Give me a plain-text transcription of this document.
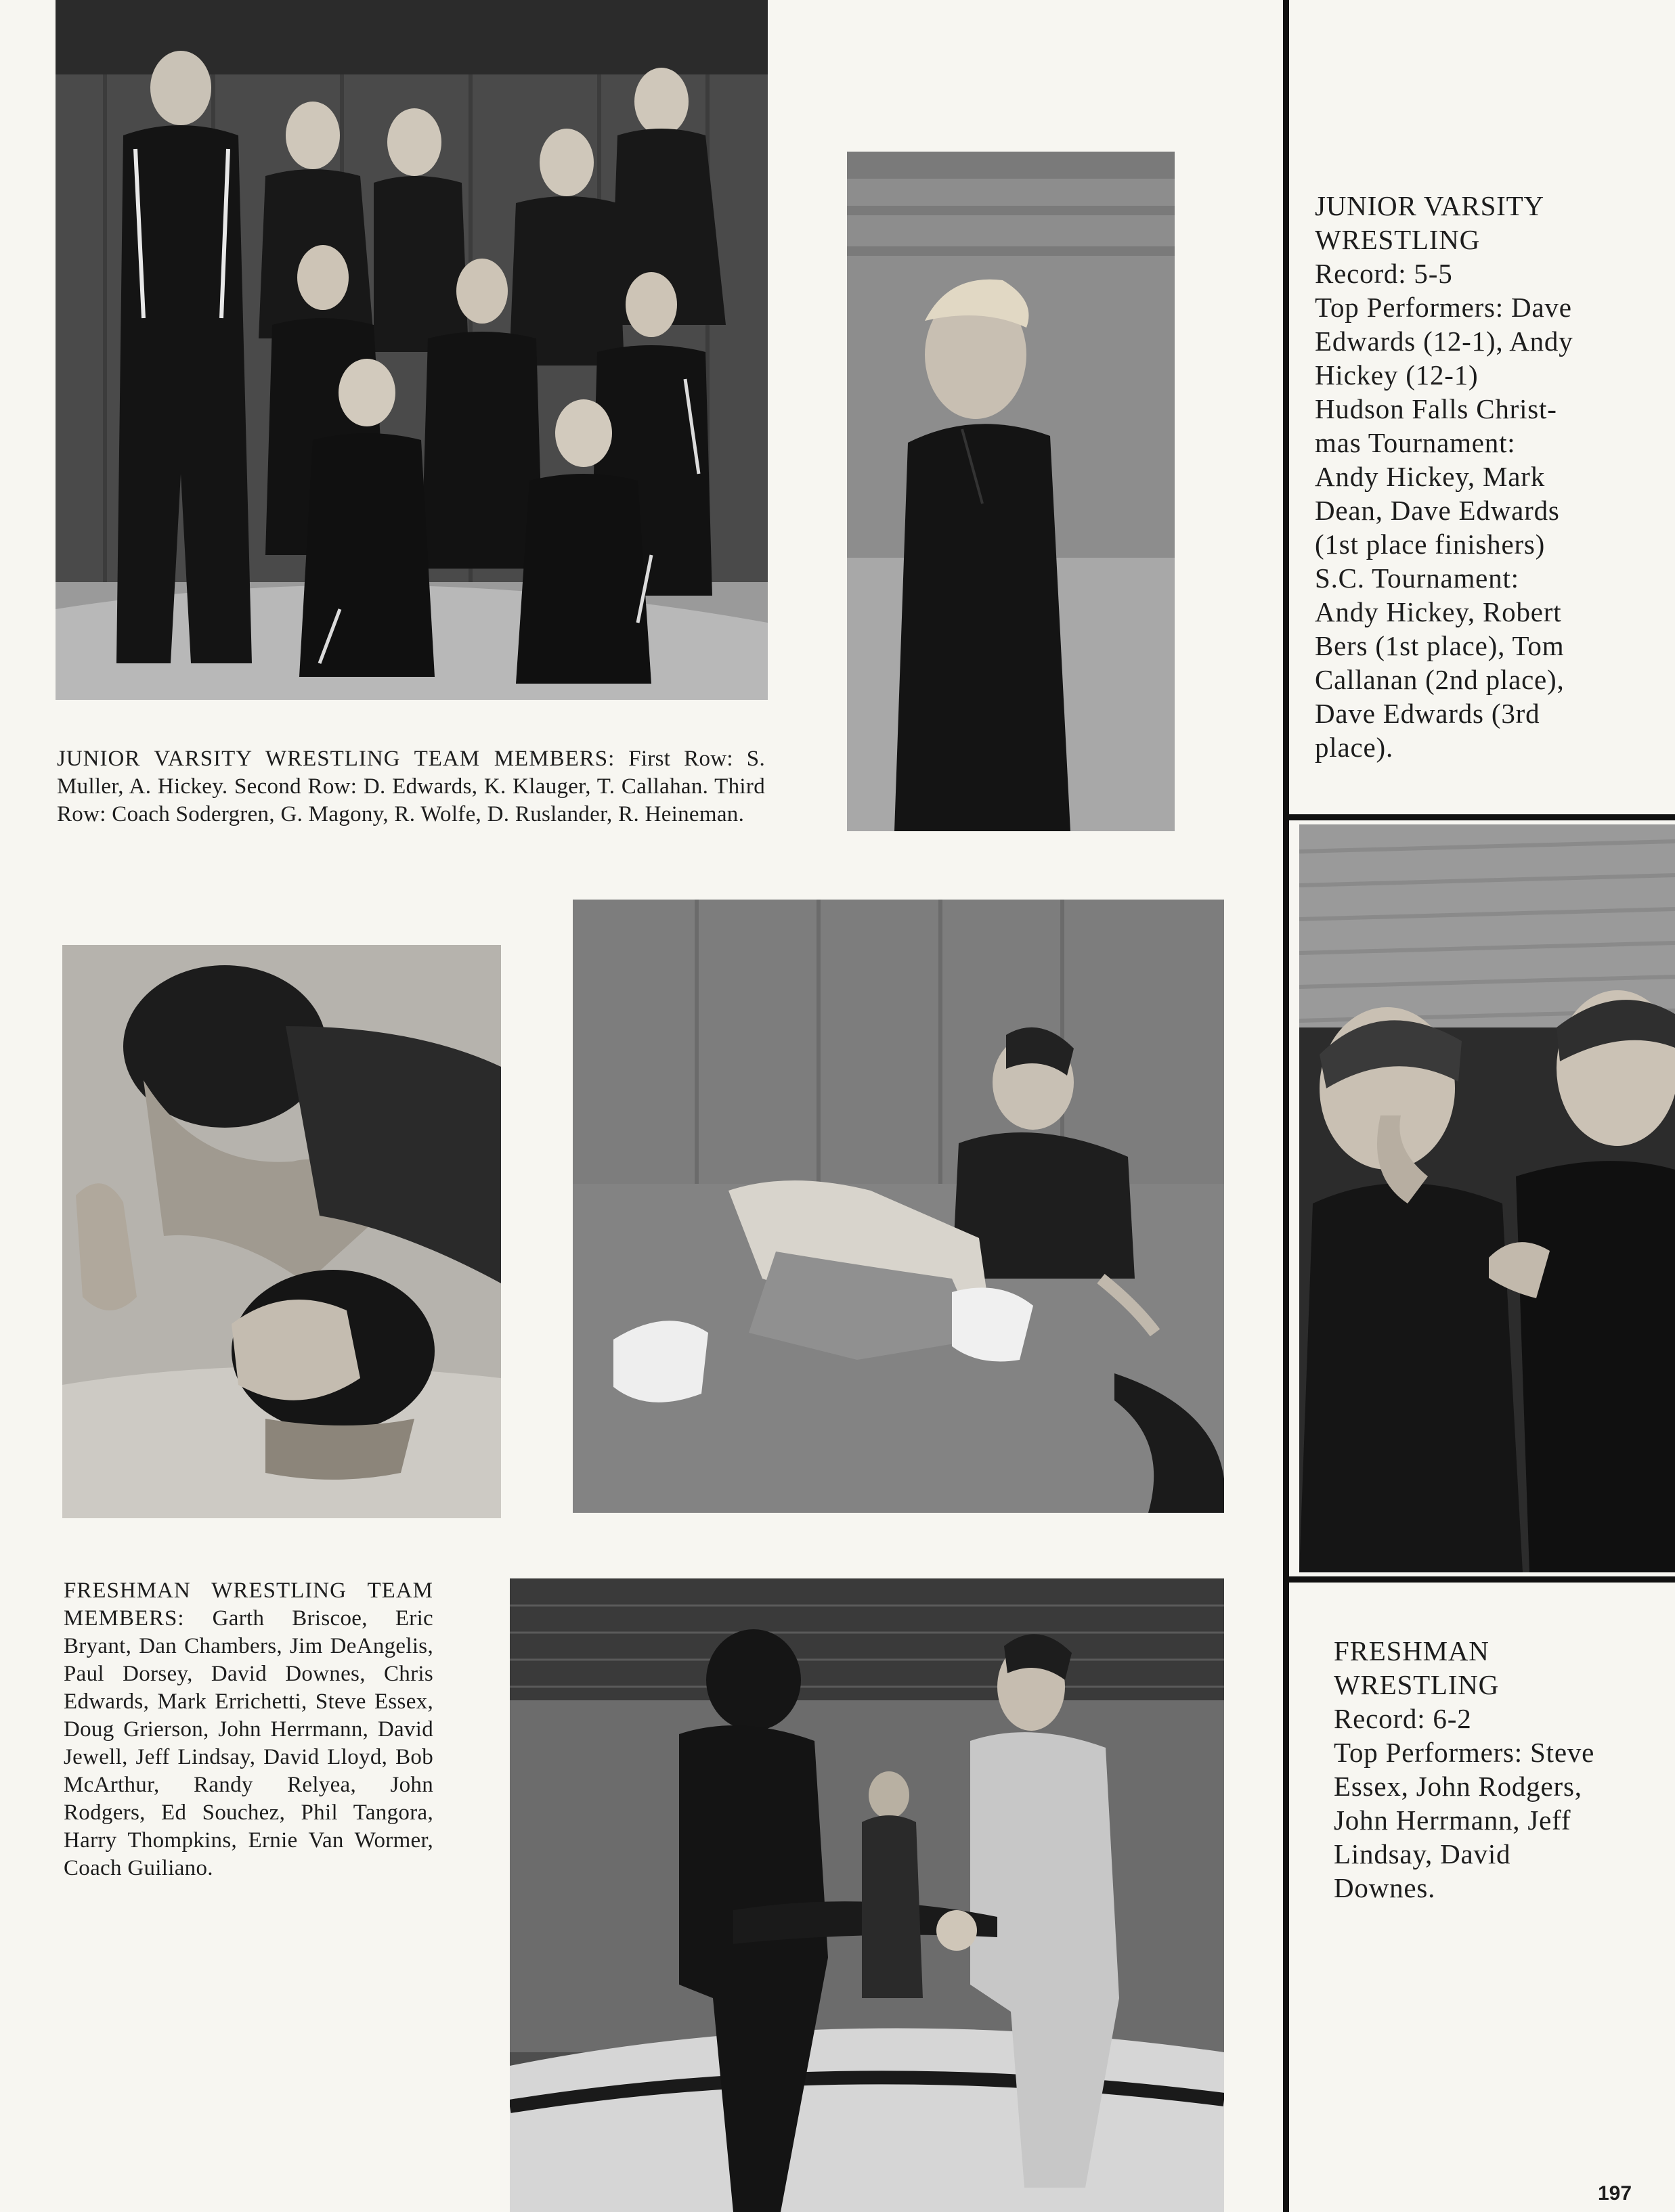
JUNIOR VARSITY WRESTLING TEAM MEMBERS: First Row: S. Muller, A. Hickey. Second Row: D. Edwards, K. Klauger, T. Callahan. Third Row: Coach Sodergren, G. Magony, R. Wolfe, D. Ruslander, R. Heineman.

FRESHMAN WRESTLING TEAM MEMBERS: Garth Briscoe, Eric Bryant, Dan Chambers, Jim DeAngelis, Paul Dorsey, David Downes, Chris Edwards, Mark Errichetti, Steve Essex, Doug Grierson, John Herrmann, David Jewell, Jeff Lindsay, David Lloyd, Bob McArthur, Randy Relyea, John Rodgers, Ed Souchez, Phil Tangora, Harry Thompkins, Ernie Van Wormer, Coach Guiliano.

JUNIOR VARSITY
WRESTLING
Record: 5-5
Top Performers: Dave
Edwards (12-1), Andy
Hickey (12-1)
Hudson Falls Christ-
mas Tournament:
Andy Hickey, Mark
Dean, Dave Edwards
(1st place finishers)
S.C. Tournament:
Andy Hickey, Robert
Bers (1st place), Tom
Callanan (2nd place),
Dave Edwards (3rd
place).
FRESHMAN
WRESTLING
Record: 6-2
Top Performers: Steve
Essex, John Rodgers,
John Herrmann, Jeff
Lindsay, David
Downes.
197
